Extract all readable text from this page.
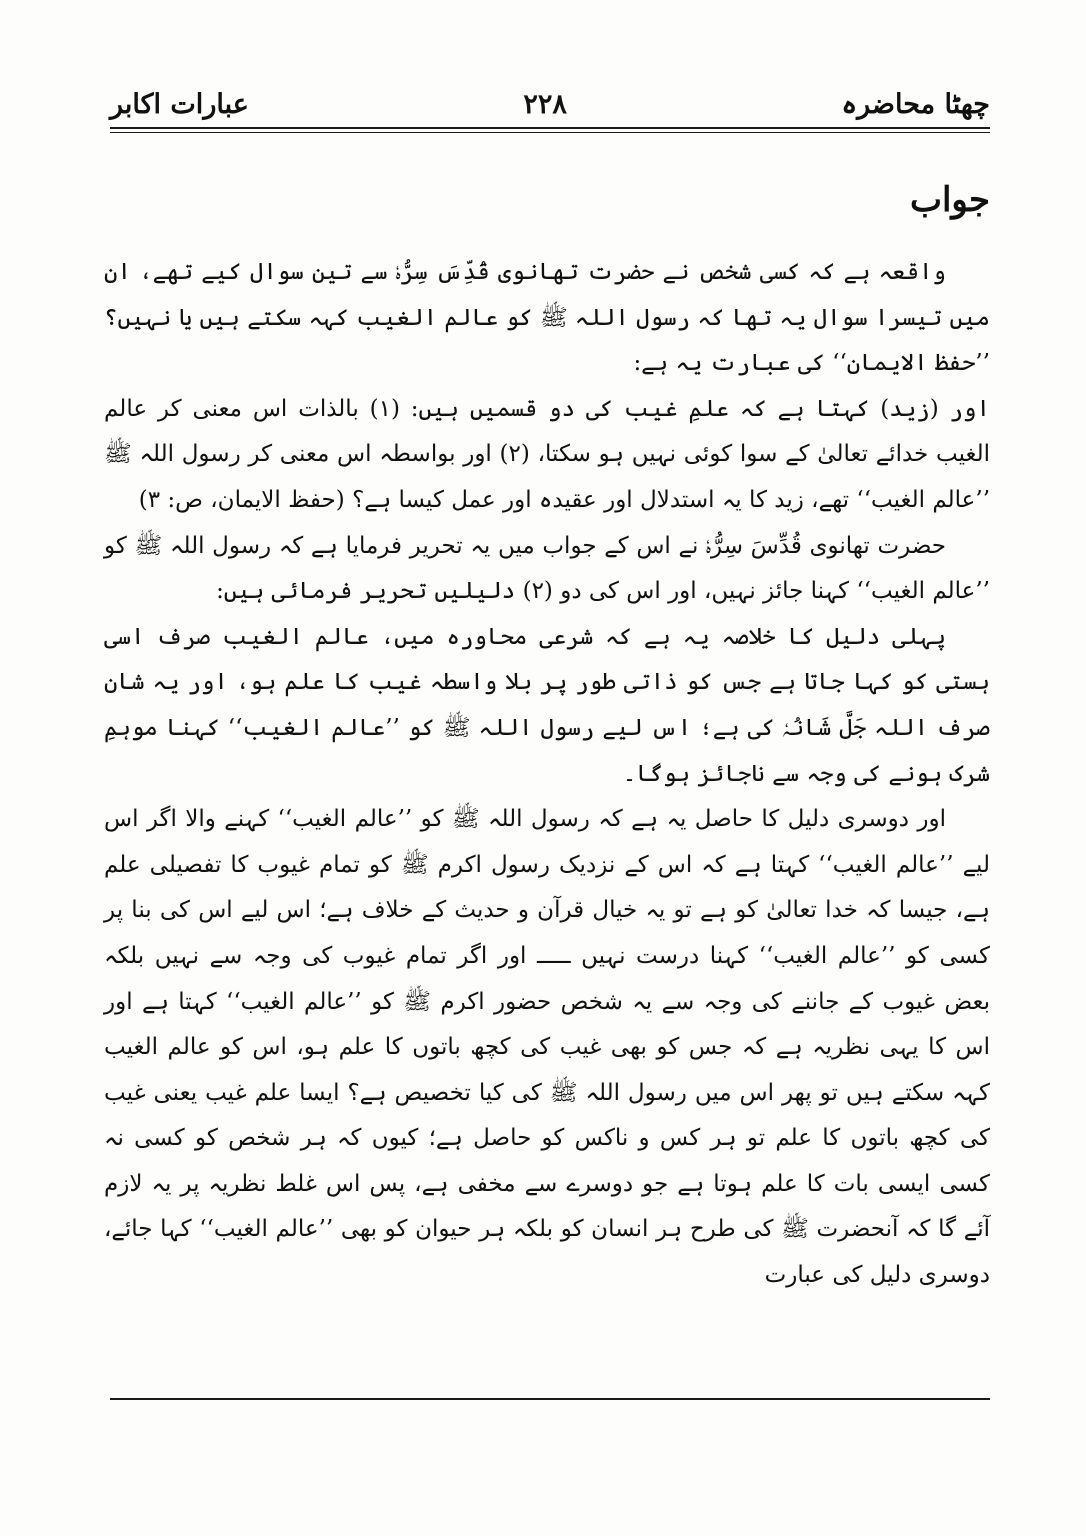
چھٹا محاضرہ
۲۲۸
عبارات اکابر
جواب

واقعہ ہے کہ کسی شخص نے حضرت تھانوی قُدِّسَ سِرُّہٗ سے تین سوال کیے تھے، ان میں تیسرا سوال یہ تھا کہ رسول اللہ ﷺ کو عالم الغیب کہہ سکتے ہیں یا نہیں؟ ’’حفظ الایمان‘‘ کی عبارت یہ ہے:

اور (زید) کہتا ہے کہ علمِ غیب کی دو قسمیں ہیں: (۱) بالذات اس معنی کر عالم الغیب خدائے تعالیٰ کے سوا کوئی نہیں ہو سکتا، (۲) اور بواسطہ اس معنی کر رسول اللہ ﷺ ’’عالم الغیب‘‘ تھے، زید کا یہ استدلال اور عقیدہ اور عمل کیسا ہے؟ (حفظ الایمان، ص: ۳)

حضرت تھانوی قُدِّسَ سِرُّہٗ نے اس کے جواب میں یہ تحریر فرمایا ہے کہ رسول اللہ ﷺ کو ’’عالم الغیب‘‘ کہنا جائز نہیں، اور اس کی دو (۲) دلیلیں تحریر فرمائی ہیں:

پہلی دلیل کا خلاصہ یہ ہے کہ شرعی محاورہ میں، عالم الغیب صرف اسی ہستی کو کہا جاتا ہے جس کو ذاتی طور پر بلا واسطہ غیب کا علم ہو، اور یہ شان صرف اللہ جَلَّ شَانُہٗ کی ہے؛ اس لیے رسول اللہ ﷺ کو ’’عالم الغیب‘‘ کہنا موہمِ شرک ہونے کی وجہ سے ناجائز ہوگا۔

اور دوسری دلیل کا حاصل یہ ہے کہ رسول اللہ ﷺ کو ’’عالم الغیب‘‘ کہنے والا اگر اس لیے ’’عالم الغیب‘‘ کہتا ہے کہ اس کے نزدیک رسول اکرم ﷺ کو تمام غیوب کا تفصیلی علم ہے، جیسا کہ خدا تعالیٰ کو ہے تو یہ خیال قرآن و حدیث کے خلاف ہے؛ اس لیے اس کی بنا پر کسی کو ’’عالم الغیب‘‘ کہنا درست نہیں ـــــ اور اگر تمام غیوب کی وجہ سے نہیں بلکہ بعض غیوب کے جاننے کی وجہ سے یہ شخص حضور اکرم ﷺ کو ’’عالم الغیب‘‘ کہتا ہے اور اس کا یہی نظریہ ہے کہ جس کو بھی غیب کی کچھ باتوں کا علم ہو، اس کو عالم الغیب کہہ سکتے ہیں تو پھر اس میں رسول اللہ ﷺ کی کیا تخصیص ہے؟ ایسا علم غیب یعنی غیب کی کچھ باتوں کا علم تو ہر کس و ناکس کو حاصل ہے؛ کیوں کہ ہر شخص کو کسی نہ کسی ایسی بات کا علم ہوتا ہے جو دوسرے سے مخفی ہے، پس اس غلط نظریہ پر یہ لازم آئے گا کہ آنحضرت ﷺ کی طرح ہر انسان کو بلکہ ہر حیوان کو بھی ’’عالم الغیب‘‘ کہا جائے، دوسری دلیل کی عبارت
